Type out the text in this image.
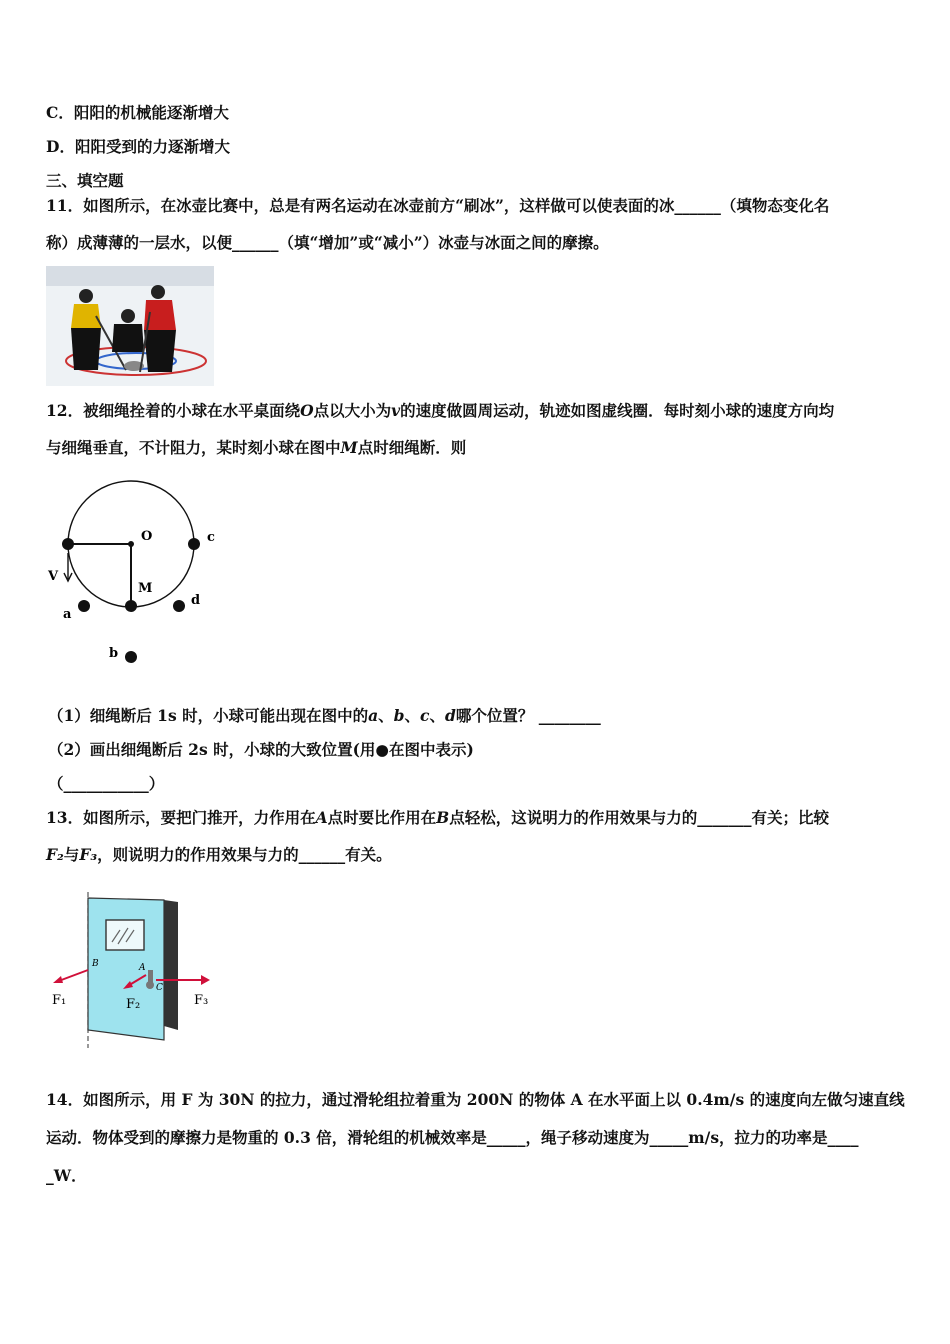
C．阳阳的机械能逐渐增大
D．阳阳受到的力逐渐增大
三、填空题
11．如图所示，在冰壶比赛中，总是有两名运动在冰壶前方“刷冰”，这样做可以使表面的冰______（填物态变化名
称）成薄薄的一层水，以便______（填“增加”或“减小”）冰壶与冰面之间的摩擦。
12．被细绳拴着的小球在水平桌面绕O点以大小为v的速度做圆周运动，轨迹如图虚线圈．每时刻小球的速度方向均
与细绳垂直，不计阻力，某时刻小球在图中M点时细绳断．则
O	c
V
M
a
d
b
（1）细绳断后 1s 时，小球可能出现在图中的a、b、c、d哪个位置？ ________
（2）画出细绳断后 2s 时，小球的大致位置(用●在图中表示)
（___________）
13．如图所示，要把门推开，力作用在A点时要比作用在B点轻松，这说明力的作用效果与力的_______有关；比较
F₂与F₃，则说明力的作用效果与力的______有关。
F₁	F₂	F₃
B	A
C
14．如图所示，用 F 为 30N 的拉力，通过滑轮组拉着重为 200N 的物体 A 在水平面上以 0.4m/s 的速度向左做匀速直线
运动．物体受到的摩擦力是物重的 0.3 倍，滑轮组的机械效率是_____，绳子移动速度为_____m/s，拉力的功率是____
_W．
